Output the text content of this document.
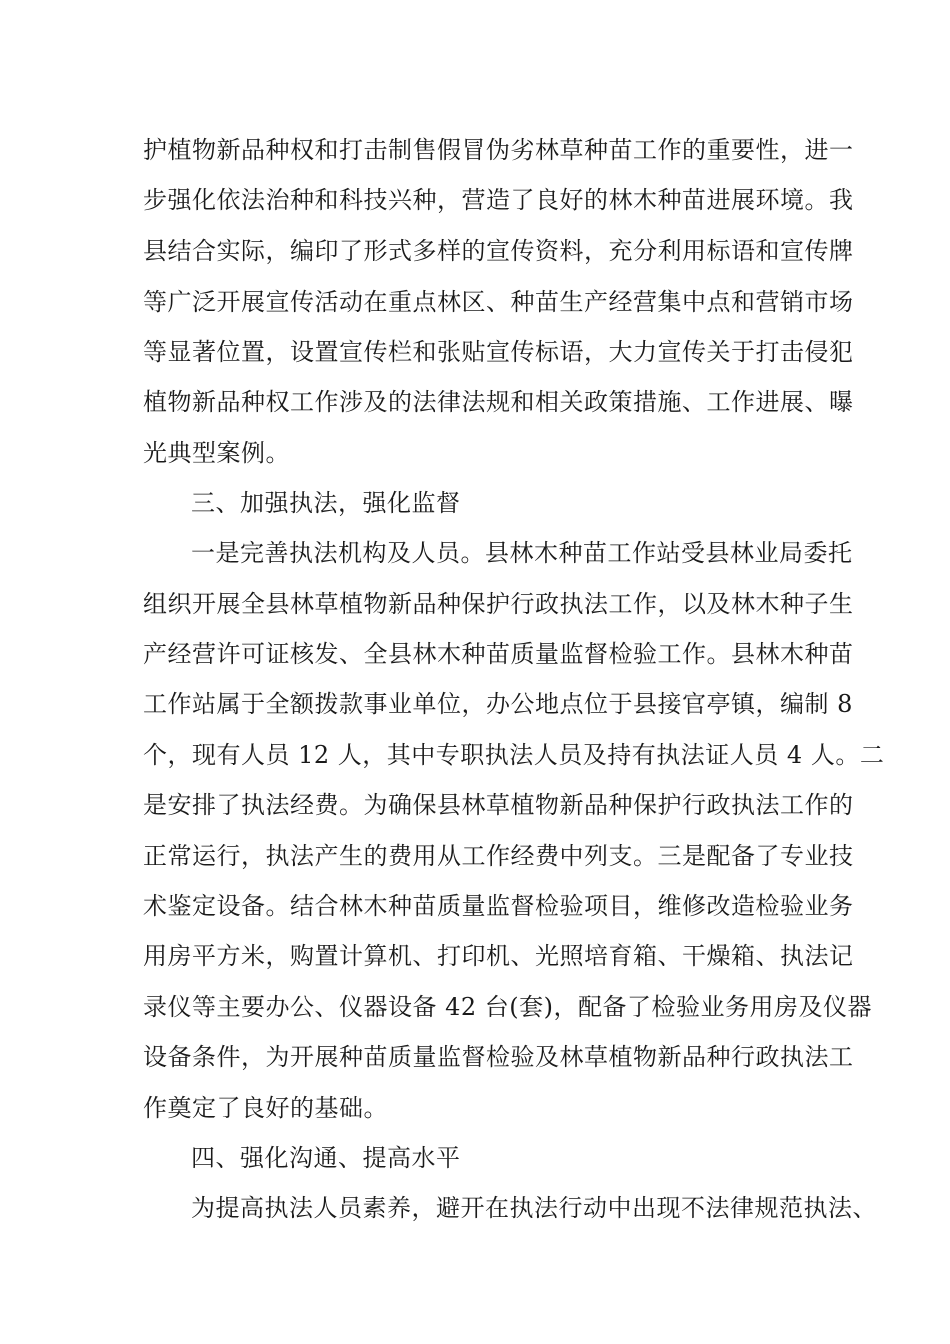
护植物新品种权和打击制售假冒伪劣林草种苗工作的重要性，进一
步强化依法治种和科技兴种，营造了良好的林木种苗进展环境。我
县结合实际，编印了形式多样的宣传资料，充分利用标语和宣传牌
等广泛开展宣传活动在重点林区、种苗生产经营集中点和营销市场
等显著位置，设置宣传栏和张贴宣传标语，大力宣传关于打击侵犯
植物新品种权工作涉及的法律法规和相关政策措施、工作进展、曝
光典型案例。
三、加强执法，强化监督
一是完善执法机构及人员。县林木种苗工作站受县林业局委托
组织开展全县林草植物新品种保护行政执法工作，以及林木种子生
产经营许可证核发、全县林木种苗质量监督检验工作。县林木种苗
工作站属于全额拨款事业单位，办公地点位于县接官亭镇，编制 8
个，现有人员 12 人，其中专职执法人员及持有执法证人员 4 人。二
是安排了执法经费。为确保县林草植物新品种保护行政执法工作的
正常运行，执法产生的费用从工作经费中列支。三是配备了专业技
术鉴定设备。结合林木种苗质量监督检验项目，维修改造检验业务
用房平方米，购置计算机、打印机、光照培育箱、干燥箱、执法记
录仪等主要办公、仪器设备 42 台(套)，配备了检验业务用房及仪器
设备条件，为开展种苗质量监督检验及林草植物新品种行政执法工
作奠定了良好的基础。
四、强化沟通、提高水平
为提高执法人员素养，避开在执法行动中出现不法律规范执法、
